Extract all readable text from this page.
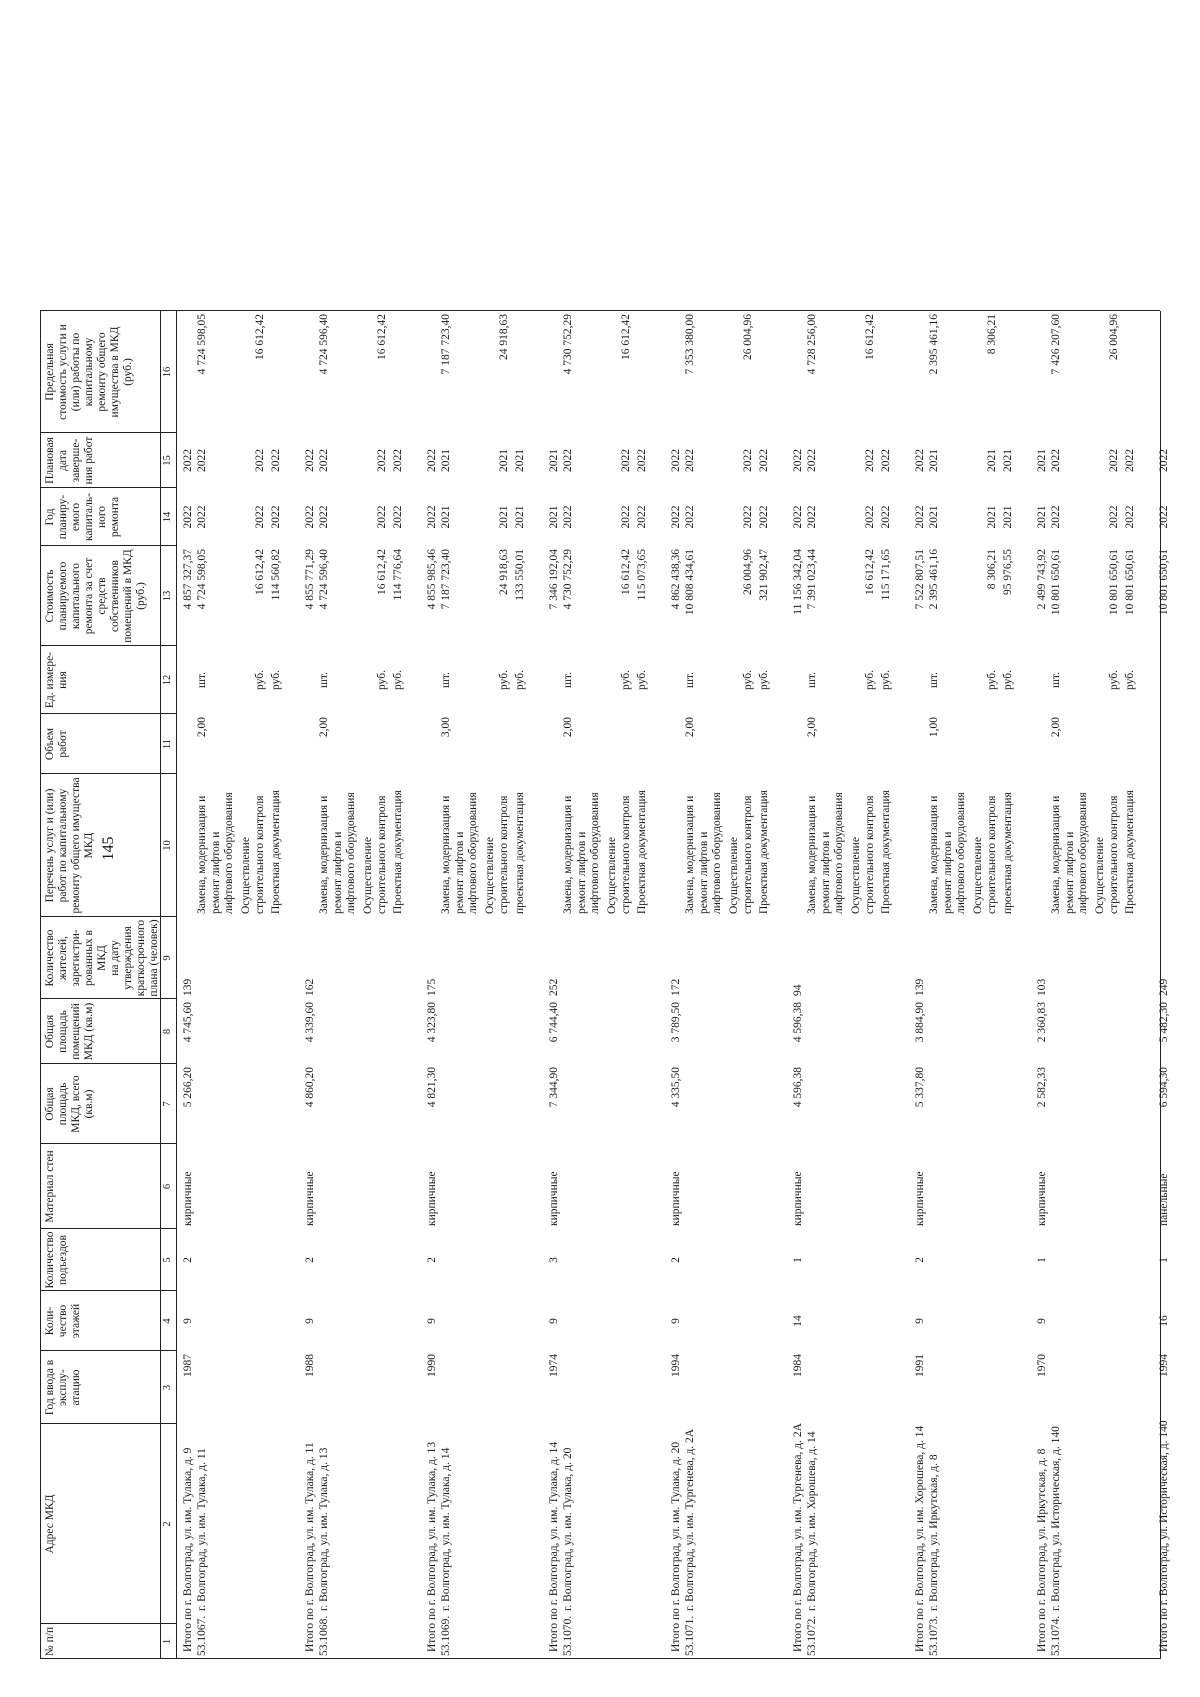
145
№ п/п
Адрес МКД
Год ввода в
эксплу-
атацию
Коли-
чество
этажей
Количество
подъездов
Материал стен
Общая
площадь
МКД, всего
(кв.м)
Общая
площадь
помещений
МКД (кв.м)
Количество
жителей,
зарегистри-
рованных в МКД
на дату
утверждения
краткосрочного
плана (человек)
Перечень услуг и (или)
работ по капитальному
ремонту общего имущества
МКД
Объем
работ
Ед. измере-
ния
Стоимость
планируемого
капитального
ремонта за счет
средств
собственников
помещений в МКД
(руб.)
Год
планиру-
емого
капиталь-
ного
ремонта
Плановая
дата
заверше-
ния работ
Предельная
стоимость услуги и
(или) работы по
капитальному
ремонту общего
имущества в МКД
(руб.)
1
2
3
4
5
6
7
8
9
10
11
12
13
14
15
16
Итого по г. Волгоград, ул. им. Тулака, д. 9
4 857 327,37
2022
2022
53.1067.
г. Волгоград, ул. им. Тулака, д. 11
1987
9
2
кирпичные
5 266,20
4 745,60
139
Замена, модернизация и
ремонт лифтов и
лифтового оборудования
2,00
шт.
4 724 598,05
2022
2022
4 724 598,05
Осуществление
строительного контроля
руб.
16 612,42
2022
2022
16 612,42
Проектная документация
руб.
114 560,82
2022
2022
Итого по г. Волгоград, ул. им. Тулака, д. 11
4 855 771,29
2022
2022
53.1068.
г. Волгоград, ул. им. Тулака, д. 13
1988
9
2
кирпичные
4 860,20
4 339,60
162
Замена, модернизация и
ремонт лифтов и
лифтового оборудования
2,00
шт.
4 724 596,40
2022
2022
4 724 596,40
Осуществление
строительного контроля
руб.
16 612,42
2022
2022
16 612,42
Проектная документация
руб.
114 776,64
2022
2022
Итого по г. Волгоград, ул. им. Тулака, д. 13
4 855 985,46
2022
2022
53.1069.
г. Волгоград, ул. им. Тулака, д. 14
1990
9
2
кирпичные
4 821,30
4 323,80
175
Замена, модернизация и
ремонт лифтов и
лифтового оборудования
3,00
шт.
7 187 723,40
2021
2021
7 187 723,40
Осуществление
строительного контроля
руб.
24 918,63
2021
2021
24 918,63
проектная документация
руб.
133 550,01
2021
2021
Итого по г. Волгоград, ул. им. Тулака, д. 14
7 346 192,04
2021
2021
53.1070.
г. Волгоград, ул. им. Тулака, д. 20
1974
9
3
кирпичные
7 344,90
6 744,40
252
Замена, модернизация и
ремонт лифтов и
лифтового оборудования
2,00
шт.
4 730 752,29
2022
2022
4 730 752,29
Осуществление
строительного контроля
руб.
16 612,42
2022
2022
16 612,42
Проектная документация
руб.
115 073,65
2022
2022
Итого по г. Волгоград, ул. им. Тулака, д. 20
4 862 438,36
2022
2022
53.1071.
г. Волгоград, ул. им. Тургенева, д. 2А
1994
9
2
кирпичные
4 335,50
3 789,50
172
Замена, модернизация и
ремонт лифтов и
лифтового оборудования
2,00
шт.
10 808 434,61
2022
2022
7 353 380,00
Осуществление
строительного контроля
руб.
26 004,96
2022
2022
26 004,96
Проектная документация
руб.
321 902,47
2022
2022
Итого по г. Волгоград, ул. им. Тургенева, д. 2А
11 156 342,04
2022
2022
53.1072.
г. Волгоград, ул. им. Хорошева, д. 14
1984
14
1
кирпичные
4 596,38
4 596,38
94
Замена, модернизация и
ремонт лифтов и
лифтового оборудования
2,00
шт.
7 391 023,44
2022
2022
4 728 256,00
Осуществление
строительного контроля
руб.
16 612,42
2022
2022
16 612,42
Проектная документация
руб.
115 171,65
2022
2022
Итого по г. Волгоград, ул. им. Хорошева, д. 14
7 522 807,51
2022
2022
53.1073.
г. Волгоград, ул. Иркутская, д. 8
1991
9
2
кирпичные
5 337,80
3 884,90
139
Замена, модернизация и
ремонт лифтов и
лифтового оборудования
1,00
шт.
2 395 461,16
2021
2021
2 395 461,16
Осуществление
строительного контроля
руб.
8 306,21
2021
2021
8 306,21
проектная документация
руб.
95 976,55
2021
2021
Итого по г. Волгоград, ул. Иркутская, д. 8
2 499 743,92
2021
2021
53.1074.
г. Волгоград, ул. Историческая, д. 140
1970
9
1
кирпичные
2 582,33
2 360,83
103
Замена, модернизация и
ремонт лифтов и
лифтового оборудования
2,00
шт.
10 801 650,61
2022
2022
7 426 207,60
Осуществление
строительного контроля
руб.
10 801 650,61
2022
2022
26 004,96
Проектная документация
руб.
10 801 650,61
2022
2022
Итого по г. Волгоград, ул. Историческая, д. 140
1994
16
1
панельные
6 594,30
5 482,30
249
10 801 650,61
2022
2022
